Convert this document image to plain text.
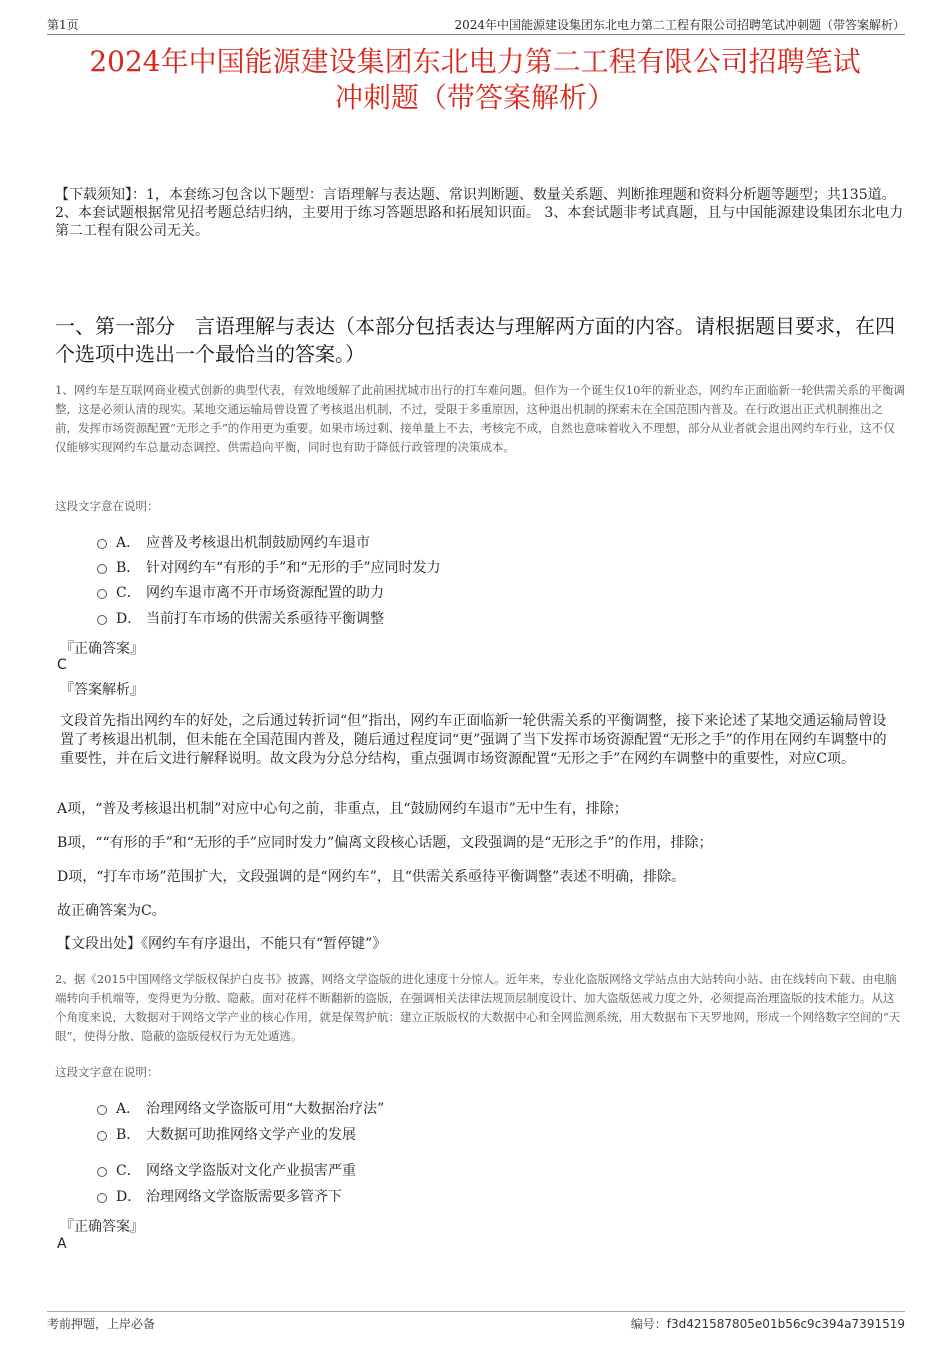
第1页	2024年中国能源建设集团东北电力第二工程有限公司招聘笔试冲刺题（带答案解析）
2024年中国能源建设集团东北电力第二工程有限公司招聘笔试
冲刺题（带答案解析）
【下载须知】：1，本套练习包含以下题型：言语理解与表达题、常识判断题、数量关系题、判断推理题和资料分析题等题型；共135道。 2、本套试题根据常见招考题总结归纳，主要用于练习答题思路和拓展知识面。 3、本套试题非考试真题，且与中国能源建设集团东北电力第二工程有限公司无关。
一、第一部分　言语理解与表达（本部分包括表达与理解两方面的内容。请根据题目要求，在四个选项中选出一个最恰当的答案。）
1、网约车是互联网商业模式创新的典型代表，有效地缓解了此前困扰城市出行的打车难问题。但作为一个诞生仅10年的新业态，网约车正面临新一轮供需关系的平衡调整，这是必须认清的现实。某地交通运输局曾设置了考核退出机制，不过，受限于多重原因，这种退出机制的探索未在全国范围内普及。在行政退出正式机制推出之前，发挥市场资源配置“无形之手”的作用更为重要。如果市场过剩、接单量上不去，考核完不成，自然也意味着收入不理想，部分从业者就会退出网约车行业，这不仅仅能够实现网约车总量动态调控、供需趋向平衡，同时也有助于降低行政管理的决策成本。
这段文字意在说明：
A． 应普及考核退出机制鼓励网约车退市
B． 针对网约车“有形的手”和“无形的手”应同时发力
C． 网约车退市离不开市场资源配置的助力
D． 当前打车市场的供需关系亟待平衡调整
『正确答案』
C
『答案解析』
文段首先指出网约车的好处，之后通过转折词“但”指出，网约车正面临新一轮供需关系的平衡调整，接下来论述了某地交通运输局曾设置了考核退出机制，但未能在全国范围内普及，随后通过程度词“更”强调了当下发挥市场资源配置“无形之手”的作用在网约车调整中的重要性，并在后文进行解释说明。故文段为分总分结构，重点强调市场资源配置“无形之手”在网约车调整中的重要性，对应C项。
A项，“普及考核退出机制”对应中心句之前，非重点，且“鼓励网约车退市”无中生有，排除；
B项，““有形的手”和“无形的手”应同时发力”偏离文段核心话题，文段强调的是“无形之手”的作用，排除；
D项，“打车市场”范围扩大，文段强调的是“网约车”，且“供需关系亟待平衡调整”表述不明确，排除。
故正确答案为C。
【文段出处】《网约车有序退出，不能只有“暂停键”》
2、据《2015中国网络文学版权保护白皮书》披露，网络文学盗版的进化速度十分惊人。近年来，专业化盗版网络文学站点由大站转向小站、由在线转向下载、由电脑端转向手机端等，变得更为分散、隐蔽。面对花样不断翻新的盗版，在强调相关法律法规顶层制度设计、加大盗版惩戒力度之外，必须提高治理盗版的技术能力。从这个角度来说，大数据对于网络文学产业的核心作用，就是保驾护航：建立正版版权的大数据中心和全网监测系统，用大数据布下天罗地网，形成一个网络数字空间的“天眼”，使得分散、隐蔽的盗版侵权行为无处遁逃。
这段文字意在说明：
A． 治理网络文学盗版可用“大数据治疗法”
B． 大数据可助推网络文学产业的发展
C． 网络文学盗版对文化产业损害严重
D． 治理网络文学盗版需要多管齐下
『正确答案』
A
考前押题，上岸必备	编号：f3d421587805e01b56c9c394a7391519
